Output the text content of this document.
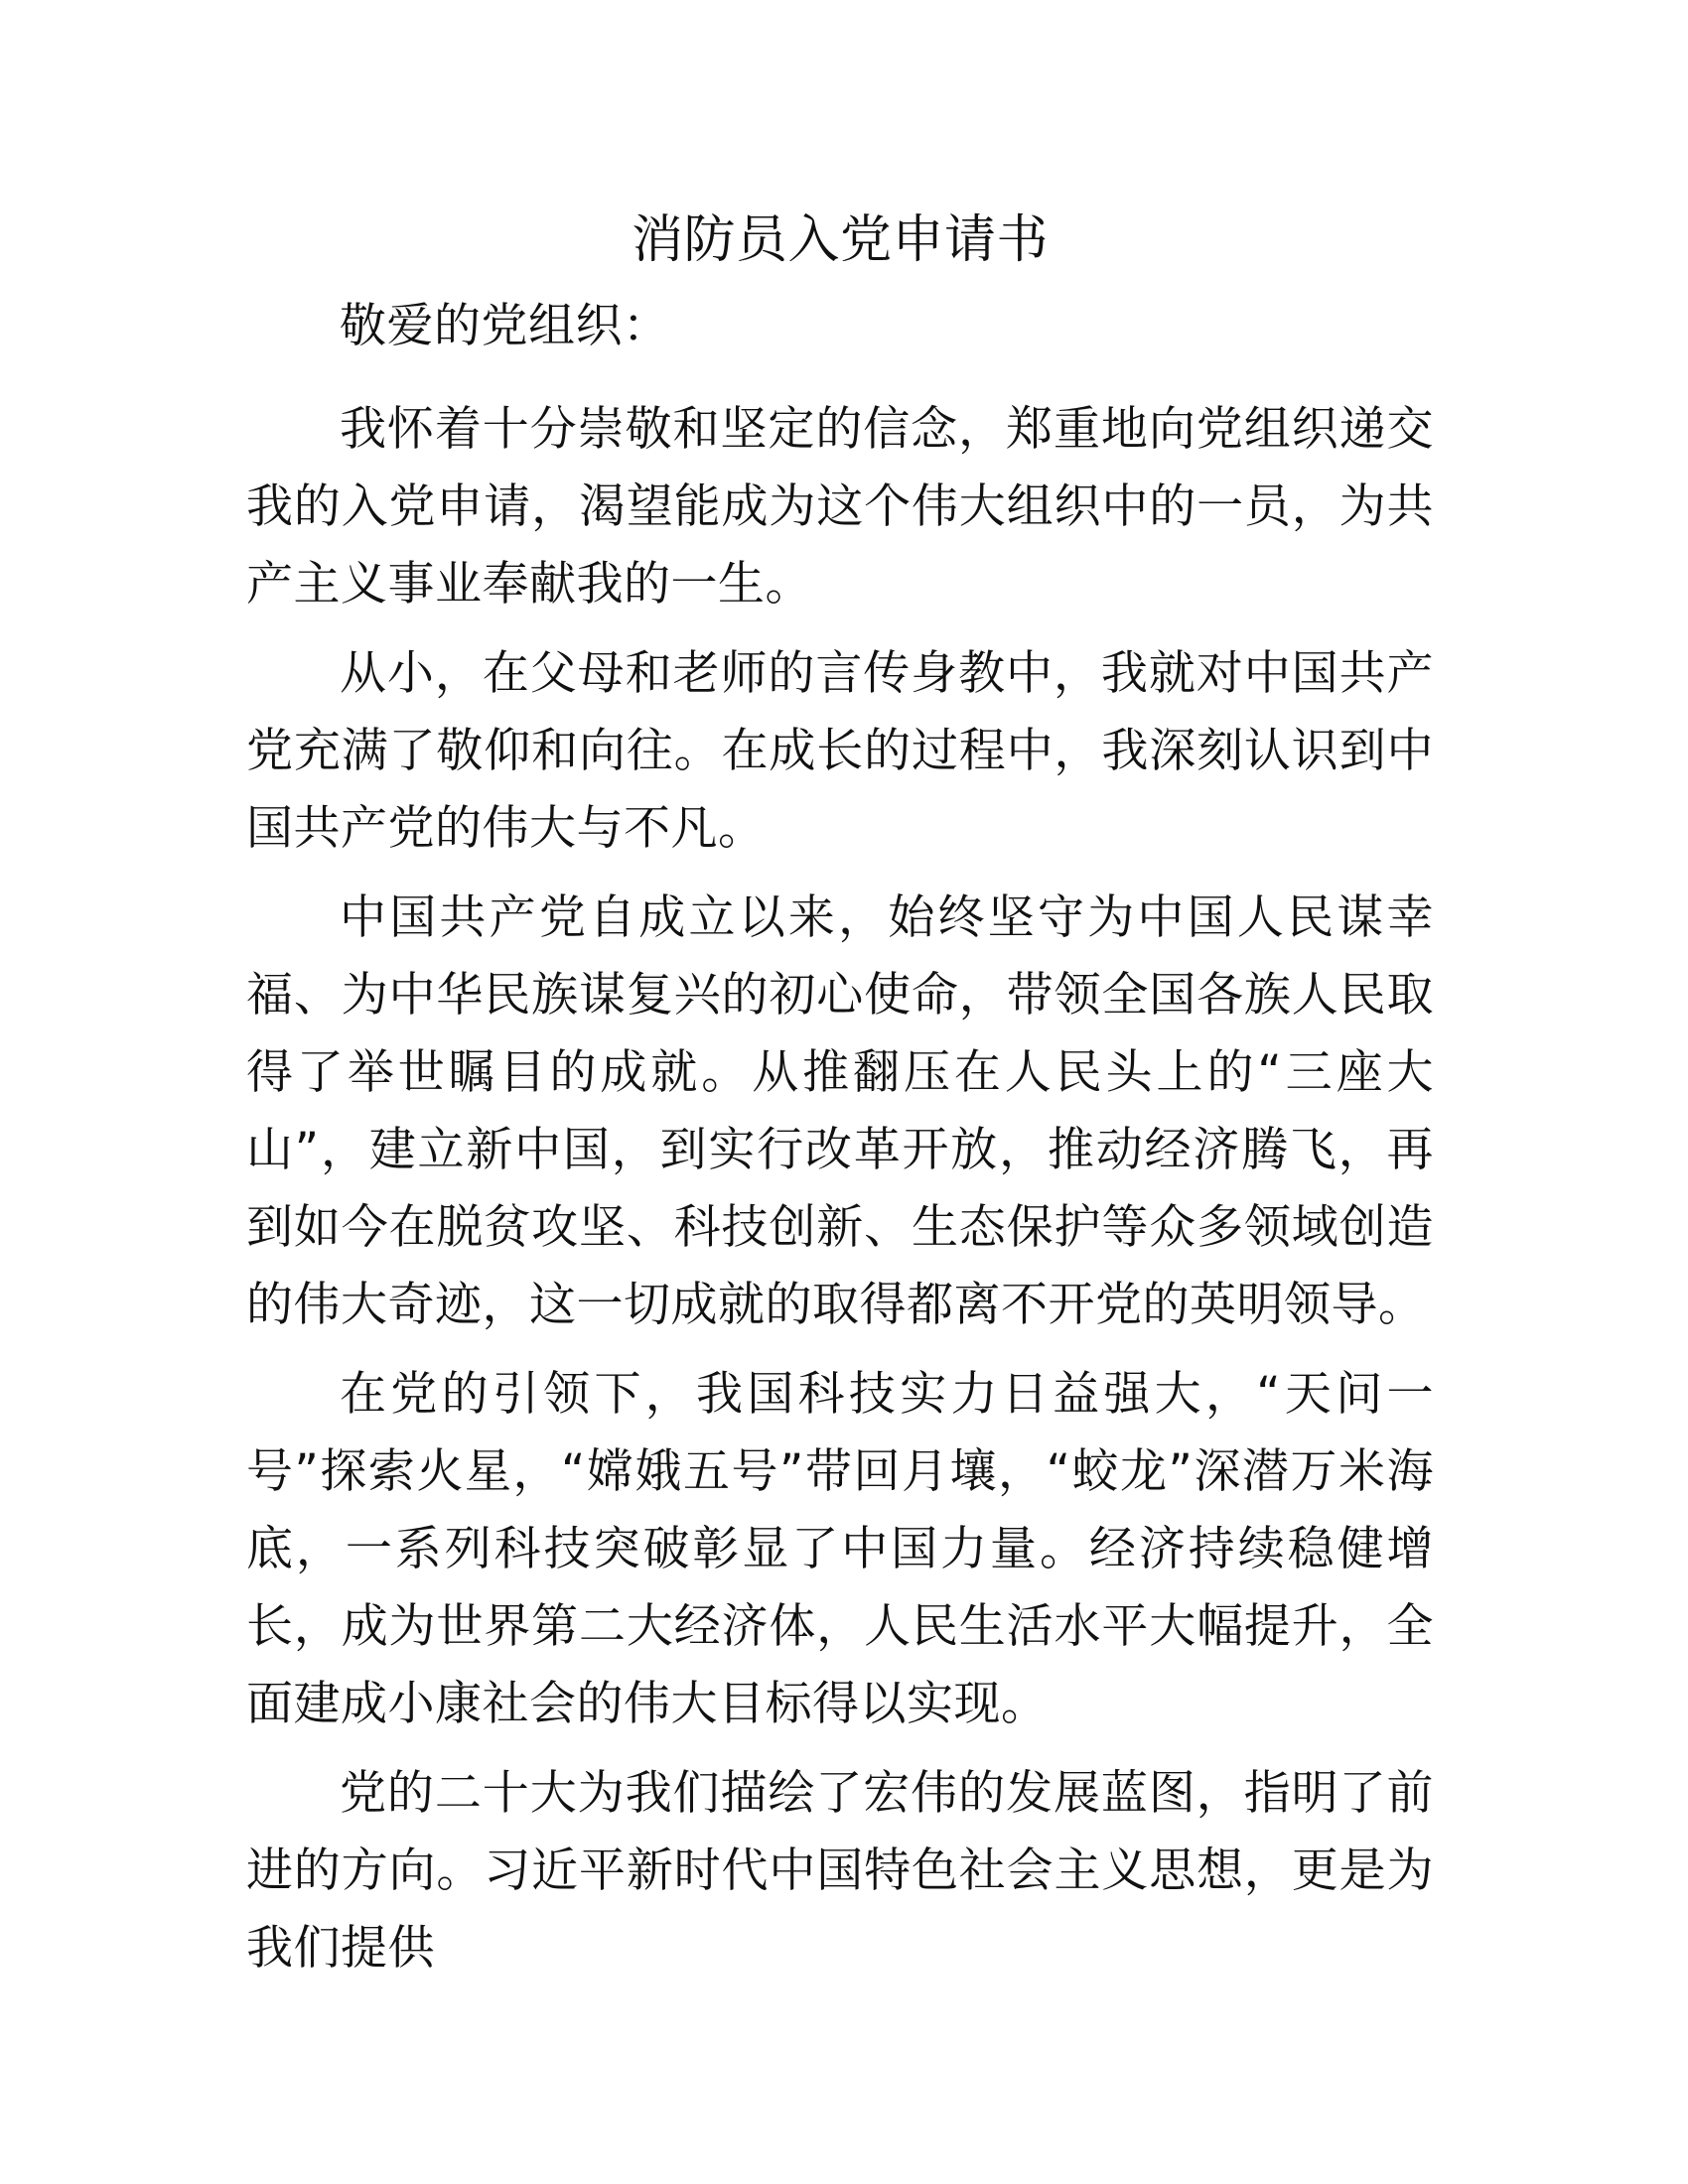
消防员入党申请书

敬爱的党组织：

我怀着十分崇敬和坚定的信念，郑重地向党组织递交我的入党申请，渴望能成为这个伟大组织中的一员，为共产主义事业奉献我的一生。

从小，在父母和老师的言传身教中，我就对中国共产党充满了敬仰和向往。在成长的过程中，我深刻认识到中国共产党的伟大与不凡。

中国共产党自成立以来，始终坚守为中国人民谋幸福、为中华民族谋复兴的初心使命，带领全国各族人民取得了举世瞩目的成就。从推翻压在人民头上的“三座大山”，建立新中国，到实行改革开放，推动经济腾飞，再到如今在脱贫攻坚、科技创新、生态保护等众多领域创造的伟大奇迹，这一切成就的取得都离不开党的英明领导。

在党的引领下，我国科技实力日益强大，“天问一号”探索火星，“嫦娥五号”带回月壤，“蛟龙”深潜万米海底，一系列科技突破彰显了中国力量。经济持续稳健增长，成为世界第二大经济体，人民生活水平大幅提升，全面建成小康社会的伟大目标得以实现。

党的二十大为我们描绘了宏伟的发展蓝图，指明了前进的方向。习近平新时代中国特色社会主义思想，更是为我们提供
